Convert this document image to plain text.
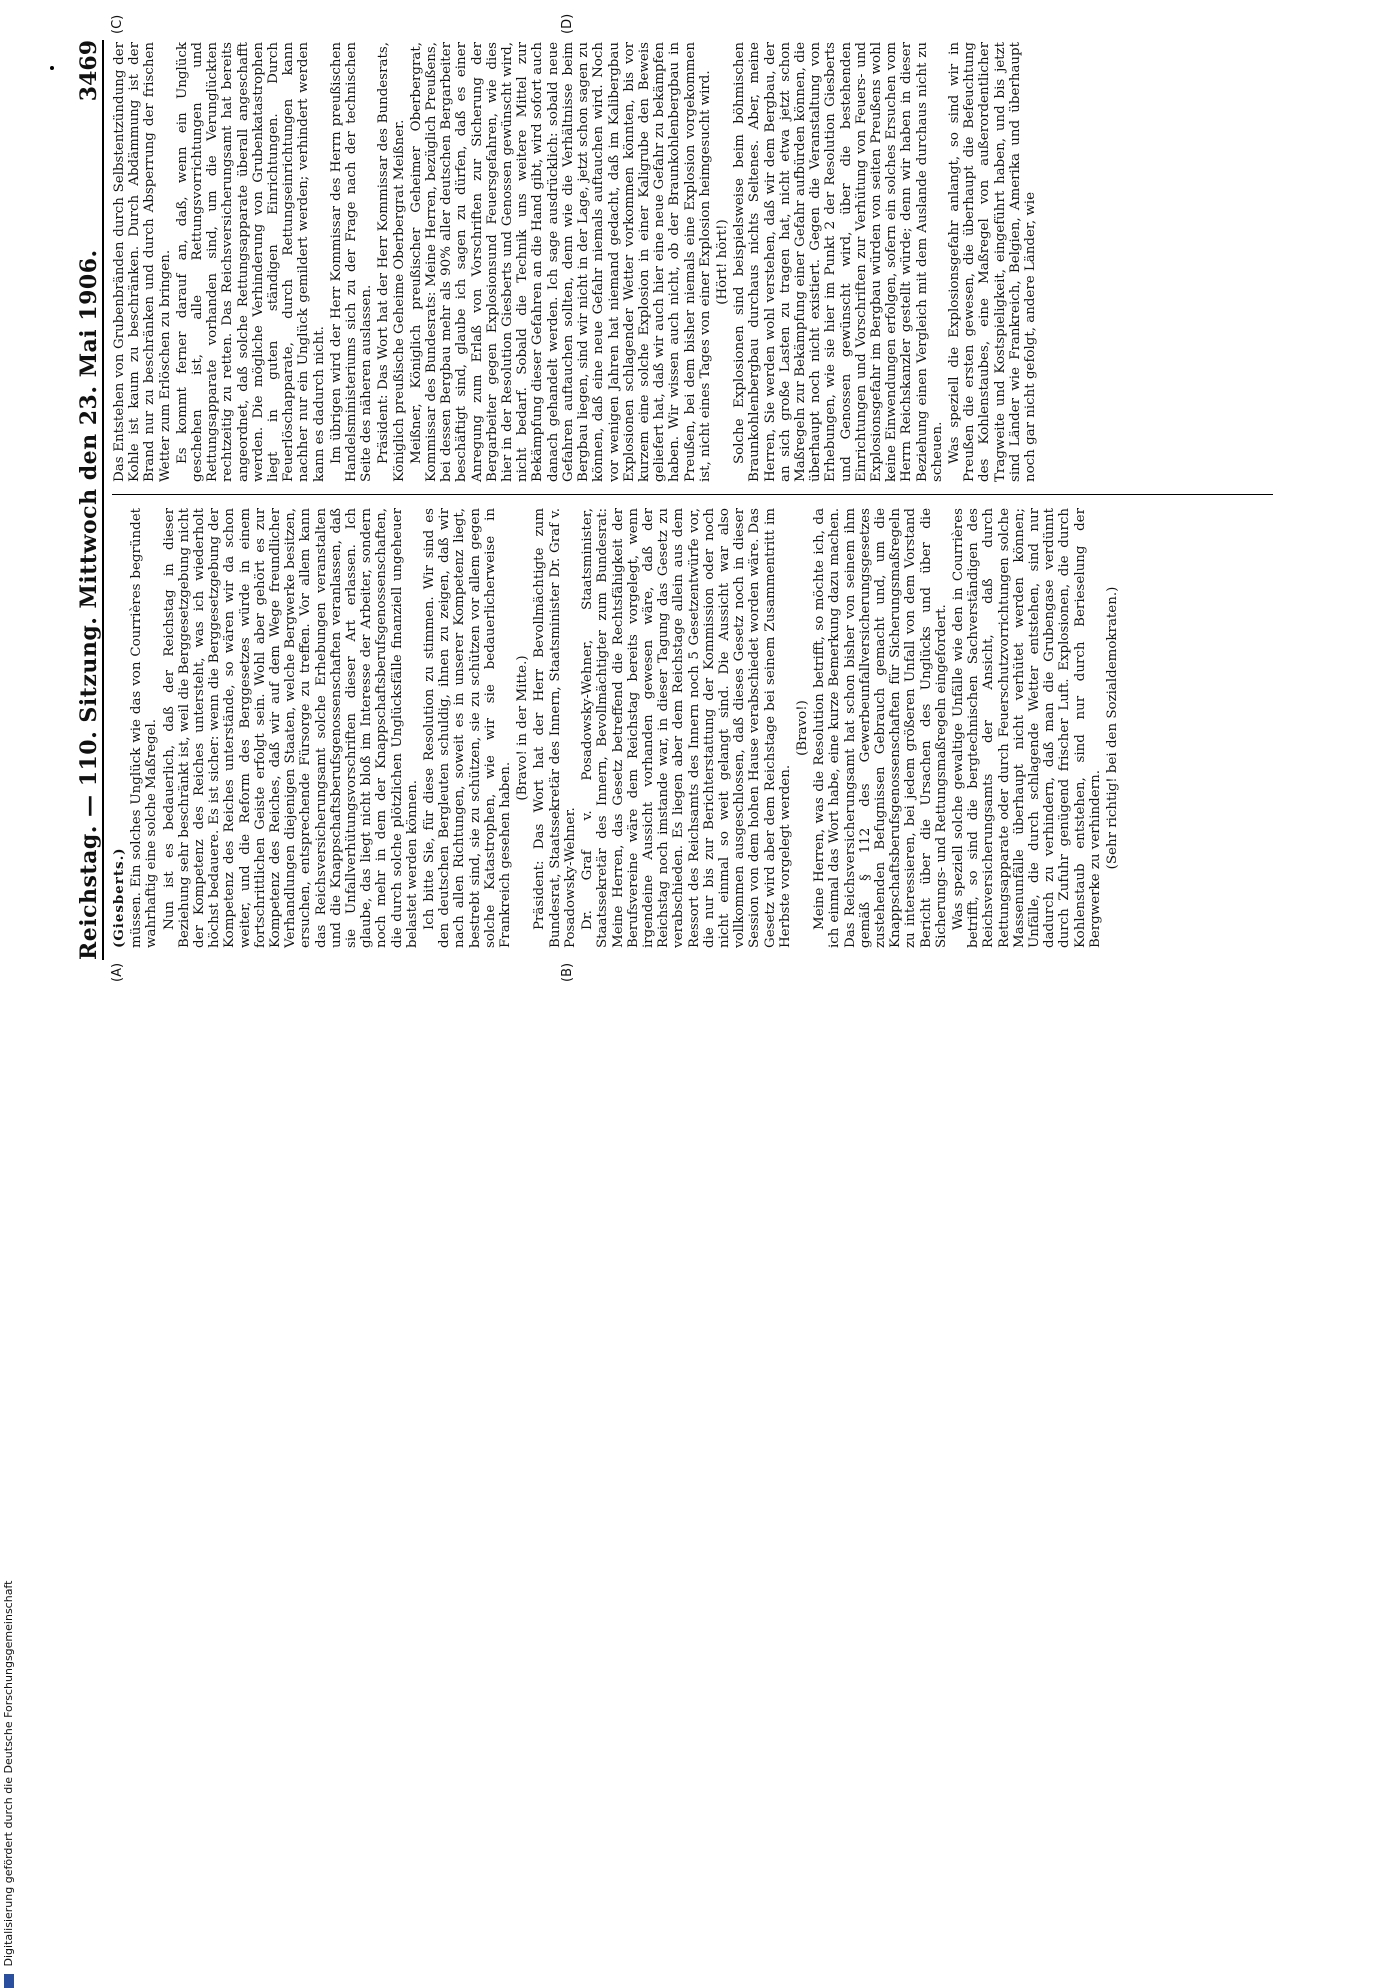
Reichstag. — 110. Sitzung. Mittwoch den 23. Mai 1906.
3469
(A)	(B)
(C)	(D)

(Giesberts.) müssen. Ein solches Unglück wie das von Courrières begründet wahrhaftig eine solche Maßregel. Nun ist es bedauerlich, daß der Reichstag in dieser Beziehung sehr beschränkt ist, weil die Berggesetzgebung nicht der Kompetenz des Reiches untersteht, was ich wiederholt höchst bedauere. Es ist sicher: wenn die Berggesetzgebung der Kompetenz des Reiches unterstände, so wären wir da schon weiter, und die Reform des Berggesetzes würde in einem fortschrittlichen Geiste erfolgt sein. Wohl aber gehört es zur Kompetenz des Reiches, daß wir auf dem Wege freundlicher Verhandlungen diejenigen Staaten, welche Bergwerke besitzen, ersuchen, entsprechende Fürsorge zu treffen. Vor allem kann das Reichsversicherungsamt solche Erhebungen veranstalten und die Knappschaftsberufsgenossenschaften veranlassen, daß sie Unfallverhütungsvorschriften dieser Art erlassen. Ich glaube, das liegt nicht bloß im Interesse der Arbeiter, sondern noch mehr in dem der Knappschaftsberufsgenossenschaften, die durch solche plötzlichen Unglücksfälle finanziell ungeheuer belastet werden können. Ich bitte Sie, für diese Resolution zu stimmen. Wir sind es den deutschen Bergleuten schuldig, ihnen zu zeigen, daß wir nach allen Richtungen, soweit es in unserer Kompetenz liegt, bestrebt sind, sie zu schützen, sie zu schützen vor allem gegen solche Katastrophen, wie wir sie bedauerlicherweise in Frankreich gesehen haben.

(Bravo! in der Mitte.) Präsident: Das Wort hat der Herr Bevollmächtigte zum Bundesrat, Staatssekretär des Innern, Staatsminister Dr. Graf v. Posadowsky-Wehner. Dr. Graf v. Posadowsky-Wehner, Staatsminister, Staatssekretär des Innern, Bevollmächtigter zum Bundesrat: Meine Herren, das Gesetz betreffend die Rechtsfähigkeit der Berufsvereine wäre dem Reichstag bereits vorgelegt, wenn irgendeine Aussicht vorhanden gewesen wäre, daß der Reichstag noch imstande war, in dieser Tagung das Gesetz zu verabschieden. Es liegen aber dem Reichstage allein aus dem Ressort des Reichsamts des Innern noch 5 Gesetzentwürfe vor, die nur bis zur Berichterstattung der Kommission oder noch nicht einmal so weit gelangt sind. Die Aussicht war also vollkommen ausgeschlossen, daß dieses Gesetz noch in dieser Session von dem hohen Hause verabschiedet worden wäre. Das Gesetz wird aber dem Reichstage bei seinem Zusammentritt im Herbste vorgelegt werden.

(Bravo!) Meine Herren, was die Resolution betrifft, so möchte ich, da ich einmal das Wort habe, eine kurze Bemerkung dazu machen. Das Reichsversicherungsamt hat schon bisher von seinem ihm gemäß § 112 des Gewerbeunfallversicherungsgesetzes zustehenden Befugnissen Gebrauch gemacht und, um die Knappschaftsberufsgenossenschaften für Sicherungsmaßregeln zu interessieren, bei jedem größeren Unfall von dem Vorstand Bericht über die Ursachen des Unglücks und über die Sicherungs- und Rettungsmaßregeln eingefordert. Was speziell solche gewaltige Unfälle wie den in Courrières betrifft, so sind die bergtechnischen Sachverständigen des Reichsversicherungsamts der Ansicht, daß durch Rettungsapparate oder durch Feuerschutzvorrichtungen solche Massenunfälle überhaupt nicht verhütet werden können; Unfälle, die durch schlagende Wetter entstehen, sind nur dadurch zu verhindern, daß man die Grubengase verdünnt durch Zufuhr genügend frischer Luft. Explosionen, die durch Kohlenstaub entstehen, sind nur durch Berieselung der Bergwerke zu verhindern. (Sehr richtig! bei den Sozialdemokraten.)

Das Entstehen von Grubenbränden durch Selbstentzündung der Kohle ist kaum zu beschränken. Durch Abdämmung ist der Brand nur zu beschränken und durch Absperrung der frischen Wetter zum Erlöschen zu bringen. Es kommt ferner darauf an, daß, wenn ein Unglück geschehen ist, alle Rettungsvorrichtungen und Rettungsapparate vorhanden sind, um die Verunglückten rechtzeitig zu retten. Das Reichsversicherungsamt hat bereits angeordnet, daß solche Rettungsapparate überall angeschafft werden. Die mögliche Verhinderung von Grubenkatastrophen liegt in guten ständigen Einrichtungen. Durch Feuerlöschapparate, durch Rettungseinrichtungen kann nachher nur ein Unglück gemildert werden; verhindert werden kann es dadurch nicht. Im übrigen wird der Herr Kommissar des Herrn preußischen Handelsministeriums sich zu der Frage nach der technischen Seite des näheren auslassen. Präsident: Das Wort hat der Herr Kommissar des Bundesrats, Königlich preußische Geheime Oberbergrat Meißner. Meißner, Königlich preußischer Geheimer Oberbergrat, Kommissar des Bundesrats: Meine Herren, bezüglich Preußens, bei dessen Bergbau mehr als 90% aller deutschen Bergarbeiter beschäftigt sind, glaube ich sagen zu dürfen, daß es einer Anregung zum Erlaß von Vorschriften zur Sicherung der Bergarbeiter gegen Explosionsund Feuersgefahren, wie dies hier in der Resolution Giesberts und Genossen gewünscht wird, nicht bedarf. Sobald die Technik uns weitere Mittel zur Bekämpfung dieser Gefahren an die Hand gibt, wird sofort auch danach gehandelt werden. Ich sage ausdrücklich: sobald neue Gefahren auftauchen sollten, denn wie die Verhältnisse beim Bergbau liegen, sind wir nicht in der Lage, jetzt schon sagen zu können, daß eine neue Gefahr niemals auftauchen wird. Noch vor wenigen Jahren hat niemand gedacht, daß im Kalibergbau Explosionen schlagender Wetter vorkommen könnten, bis vor kurzem eine solche Explosion in einer Kaligrube den Beweis geliefert hat, daß wir auch hier eine neue Gefahr zu bekämpfen haben. Wir wissen auch nicht, ob der Braunkohlenbergbau in Preußen, bei dem bisher niemals eine Explosion vorgekommen ist, nicht eines Tages von einer Explosion heimgesucht wird. (Hört! hört!) Solche Explosionen sind beispielsweise beim böhmischen Braunkohlenbergbau durchaus nichts Seltenes. Aber, meine Herren, Sie werden wohl verstehen, daß wir dem Bergbau, der an sich große Lasten zu tragen hat, nicht etwa jetzt schon Maßregeln zur Bekämpfung einer Gefahr aufbürden können, die überhaupt noch nicht existiert. Gegen die Veranstaltung von Erhebungen, wie sie hier im Punkt 2 der Resolution Giesberts und Genossen gewünscht wird, über die bestehenden Einrichtungen und Vorschriften zur Verhütung von Feuers- und Explosionsgefahr im Bergbau würden von seiten Preußens wohl keine Einwendungen erfolgen, sofern ein solches Ersuchen vom Herrn Reichskanzler gestellt würde; denn wir haben in dieser Beziehung einen Vergleich mit dem Auslande durchaus nicht zu scheuen. Was speziell die Explosionsgefahr anlangt, so sind wir in Preußen die ersten gewesen, die überhaupt die Befeuchtung des Kohlenstaubes, eine Maßregel von außerordentlicher Tragweite und Kostspieligkeit, eingeführt haben, und bis jetzt sind Länder wie Frankreich, Belgien, Amerika und überhaupt noch gar nicht gefolgt, andere Länder, wie

Digitalisierung gefördert durch die Deutsche Forschungsgemeinschaft
